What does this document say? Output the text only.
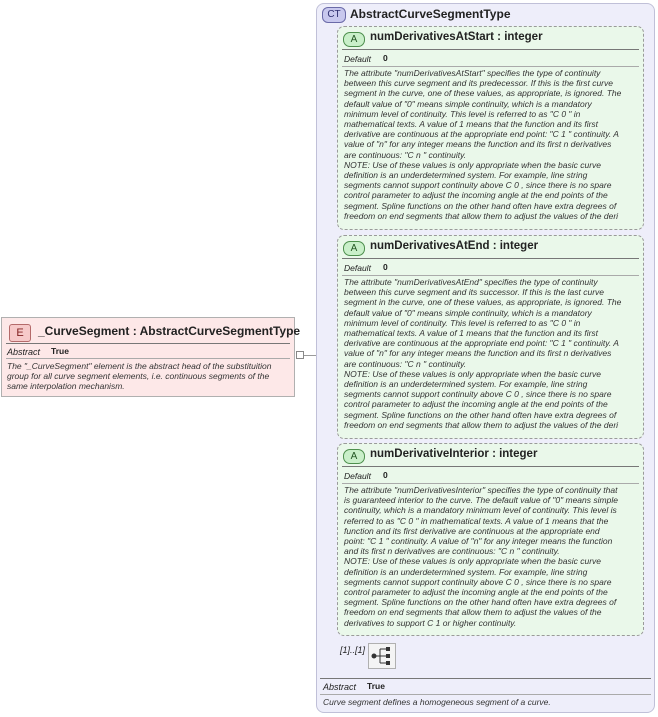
E	_CurveSegment : AbstractCurveSegmentType
Abstract True
The "_CurveSegment" element is the abstract head of the substituition
group for all curve segment elements, i.e. continuous segments of the
same interpolation mechanism.
CT AbstractCurveSegmentType
A	numDerivativesAtStart : integer
Default 0
The attribute "numDerivativesAtStart" specifies the type of continuity
between this curve segment and its predecessor. If this is the first curve
segment in the curve, one of these values, as appropriate, is ignored. The
default value of "0" means simple continuity, which is a mandatory
minimum level of continuity. This level is referred to as "C 0 " in
mathematical texts. A value of 1 means that the function and its first
derivative are continuous at the appropriate end point: "C 1 " continuity. A
value of "n" for any integer means the function and its first n derivatives
are continuous: "C n " continuity.
NOTE: Use of these values is only appropriate when the basic curve
definition is an underdetermined system. For example, line string
segments cannot support continuity above C 0 , since there is no spare
control parameter to adjust the incoming angle at the end points of the
segment. Spline functions on the other hand often have extra degrees of
freedom on end segments that allow them to adjust the values of the deri
A	numDerivativesAtEnd : integer
Default 0
The attribute "numDerivativesAtEnd" specifies the type of continuity
between this curve segment and its successor. If this is the last curve
segment in the curve, one of these values, as appropriate, is ignored. The
default value of "0" means simple continuity, which is a mandatory
minimum level of continuity. This level is referred to as "C 0 " in
mathematical texts. A value of 1 means that the function and its first
derivative are continuous at the appropriate end point: "C 1 " continuity. A
value of "n" for any integer means the function and its first n derivatives
are continuous: "C n " continuity.
NOTE: Use of these values is only appropriate when the basic curve
definition is an underdetermined system. For example, line string
segments cannot support continuity above C 0 , since there is no spare
control parameter to adjust the incoming angle at the end points of the
segment. Spline functions on the other hand often have extra degrees of
freedom on end segments that allow them to adjust the values of the deri
A	numDerivativeInterior : integer
Default 0
The attribute "numDerivativesInterior" specifies the type of continuity that
is guaranteed interior to the curve. The default value of "0" means simple
continuity, which is a mandatory minimum level of continuity. This level is
referred to as "C 0 " in mathematical texts. A value of 1 means that the
function and its first derivative are continuous at the appropriate end
point: "C 1 " continuity. A value of "n" for any integer means the function
and its first n derivatives are continuous: "C n " continuity.
NOTE: Use of these values is only appropriate when the basic curve
definition is an underdetermined system. For example, line string
segments cannot support continuity above C 0 , since there is no spare
control parameter to adjust the incoming angle at the end points of the
segment. Spline functions on the other hand often have extra degrees of
freedom on end segments that allow them to adjust the values of the
derivatives to support C 1 or higher continuity.
[1]..[1]
Abstract True
Curve segment defines a homogeneous segment of a curve.
